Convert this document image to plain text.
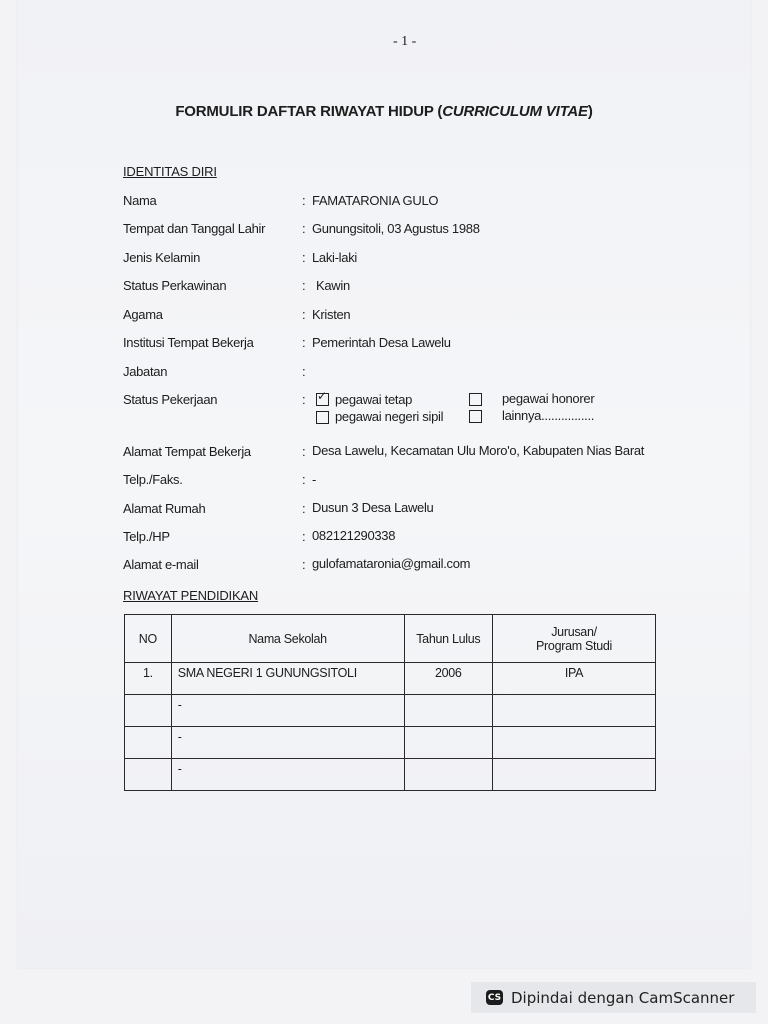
- 1 -
FORMULIR DAFTAR RIWAYAT HIDUP (CURRICULUM VITAE)
IDENTITAS DIRI
Nama	: FAMATARONIA GULO
Tempat dan Tanggal Lahir	: Gunungsitoli, 03 Agustus 1988
Jenis Kelamin	: Laki-laki
Status Perkawinan	: Kawin
Agama	: Kristen
Institusi Tempat Bekerja	: Pemerintah Desa Lawelu
Jabatan	:
Status Pekerjaan	: ✓ pegawai tetap	pegawai honorer
pegawai negeri sipil	lainnya................
Alamat Tempat Bekerja	: Desa Lawelu, Kecamatan Ulu Moro'o, Kabupaten Nias Barat
Telp./Faks.	: -
Alamat Rumah	: Dusun 3 Desa Lawelu
Telp./HP	: 082121290338
Alamat e-mail	: gulofamataronia@gmail.com
RIWAYAT PENDIDIKAN
NO	Nama Sekolah	Tahun Lulus	Jurusan/
Program Studi
1.	SMA NEGERI 1 GUNUNGSITOLI	2006	IPA
	-		
	-		
	-		
CS Dipindai dengan CamScanner
